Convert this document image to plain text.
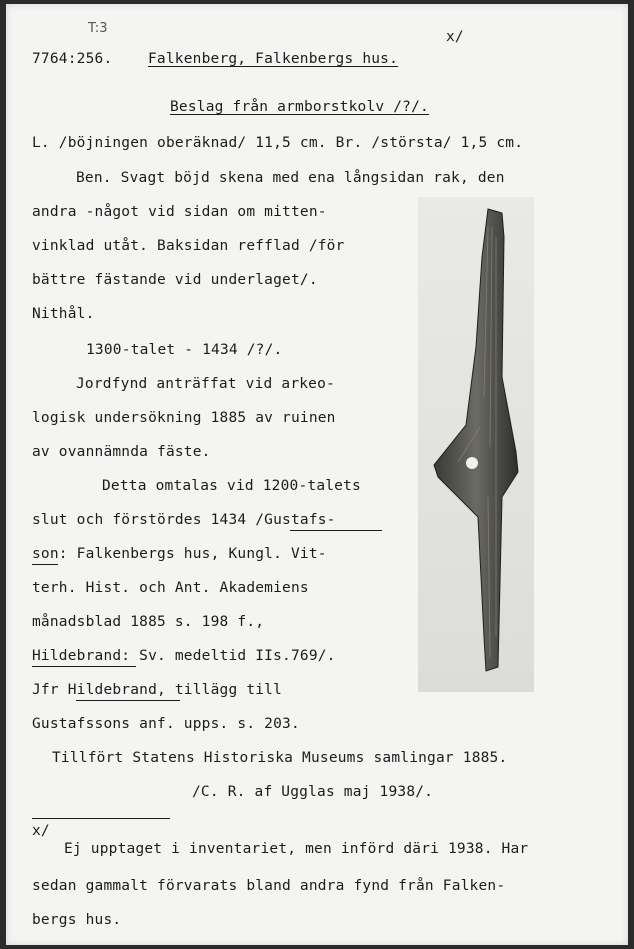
T:3
x/
7764:256. Falkenberg, Falkenbergs hus.
Beslag från armborstkolv /?/.
L. /böjningen oberäknad/ 11,5 cm. Br. /största/ 1,5 cm.
Ben. Svagt böjd skena med ena långsidan rak, den
andra -något vid sidan om mitten-
vinklad utåt. Baksidan refflad /för
bättre fästande vid underlaget/.
Nithål.
1300-talet - 1434 /?/.
Jordfynd anträffat vid arkeo-
logisk undersökning 1885 av ruinen
av ovannämnda fäste.
Detta omtalas vid 1200-talets
slut och förstördes 1434 /Gustafs-
son: Falkenbergs hus, Kungl. Vit-
terh. Hist. och Ant. Akademiens
månadsblad 1885 s. 198 f.,
Hildebrand: Sv. medeltid IIs.769/.
Jfr Hildebrand, tillägg till
Gustafssons anf. upps. s. 203.
Tillfört Statens Historiska Museums samlingar 1885.
/C. R. af Ugglas maj 1938/.
x/
Ej upptaget i inventariet, men införd däri 1938. Har
sedan gammalt förvarats bland andra fynd från Falken-
bergs hus.
